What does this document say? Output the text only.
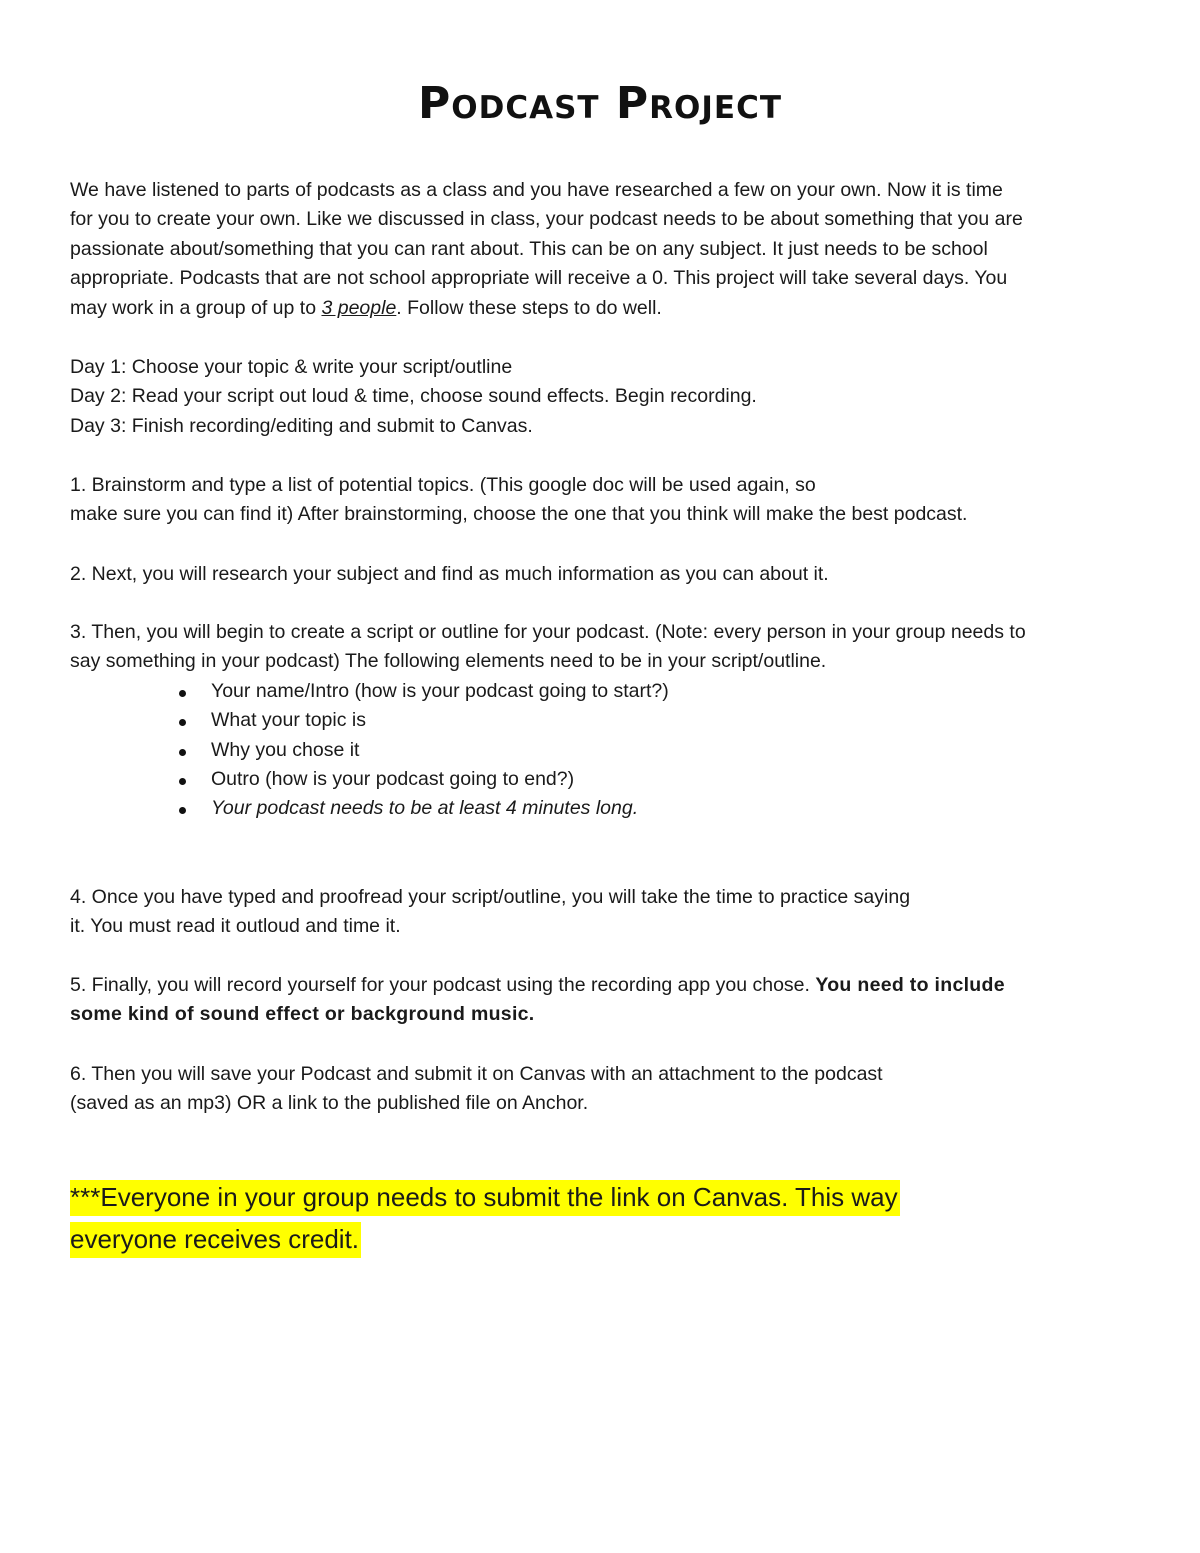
Podcast Project
We have listened to parts of podcasts as a class and you have researched a few on your own. Now it is time
for you to create your own. Like we discussed in class, your podcast needs to be about something that you are
passionate about/something that you can rant about. This can be on any subject. It just needs to be school
appropriate. Podcasts that are not school appropriate will receive a 0. This project will take several days. You
may work in a group of up to 3 people. Follow these steps to do well.
Day 1: Choose your topic & write your script/outline
Day 2: Read your script out loud & time, choose sound effects. Begin recording.
Day 3: Finish recording/editing and submit to Canvas.
1. Brainstorm and type a list of potential topics. (This google doc will be used again, so
make sure you can find it) After brainstorming, choose the one that you think will make the best podcast.
2. Next, you will research your subject and find as much information as you can about it.
3. Then, you will begin to create a script or outline for your podcast. (Note: every person in your group needs to
say something in your podcast) The following elements need to be in your script/outline.
Your name/Intro (how is your podcast going to start?)
What your topic is
Why you chose it
Outro (how is your podcast going to end?)
Your podcast needs to be at least 4 minutes long.
4. Once you have typed and proofread your script/outline, you will take the time to practice saying
it. You must read it outloud and time it.
5. Finally, you will record yourself for your podcast using the recording app you chose. You need to include
some kind of sound effect or background music.
6. Then you will save your Podcast and submit it on Canvas with an attachment to the podcast
(saved as an mp3) OR a link to the published file on Anchor.
***Everyone in your group needs to submit the link on Canvas. This way
everyone receives credit.
